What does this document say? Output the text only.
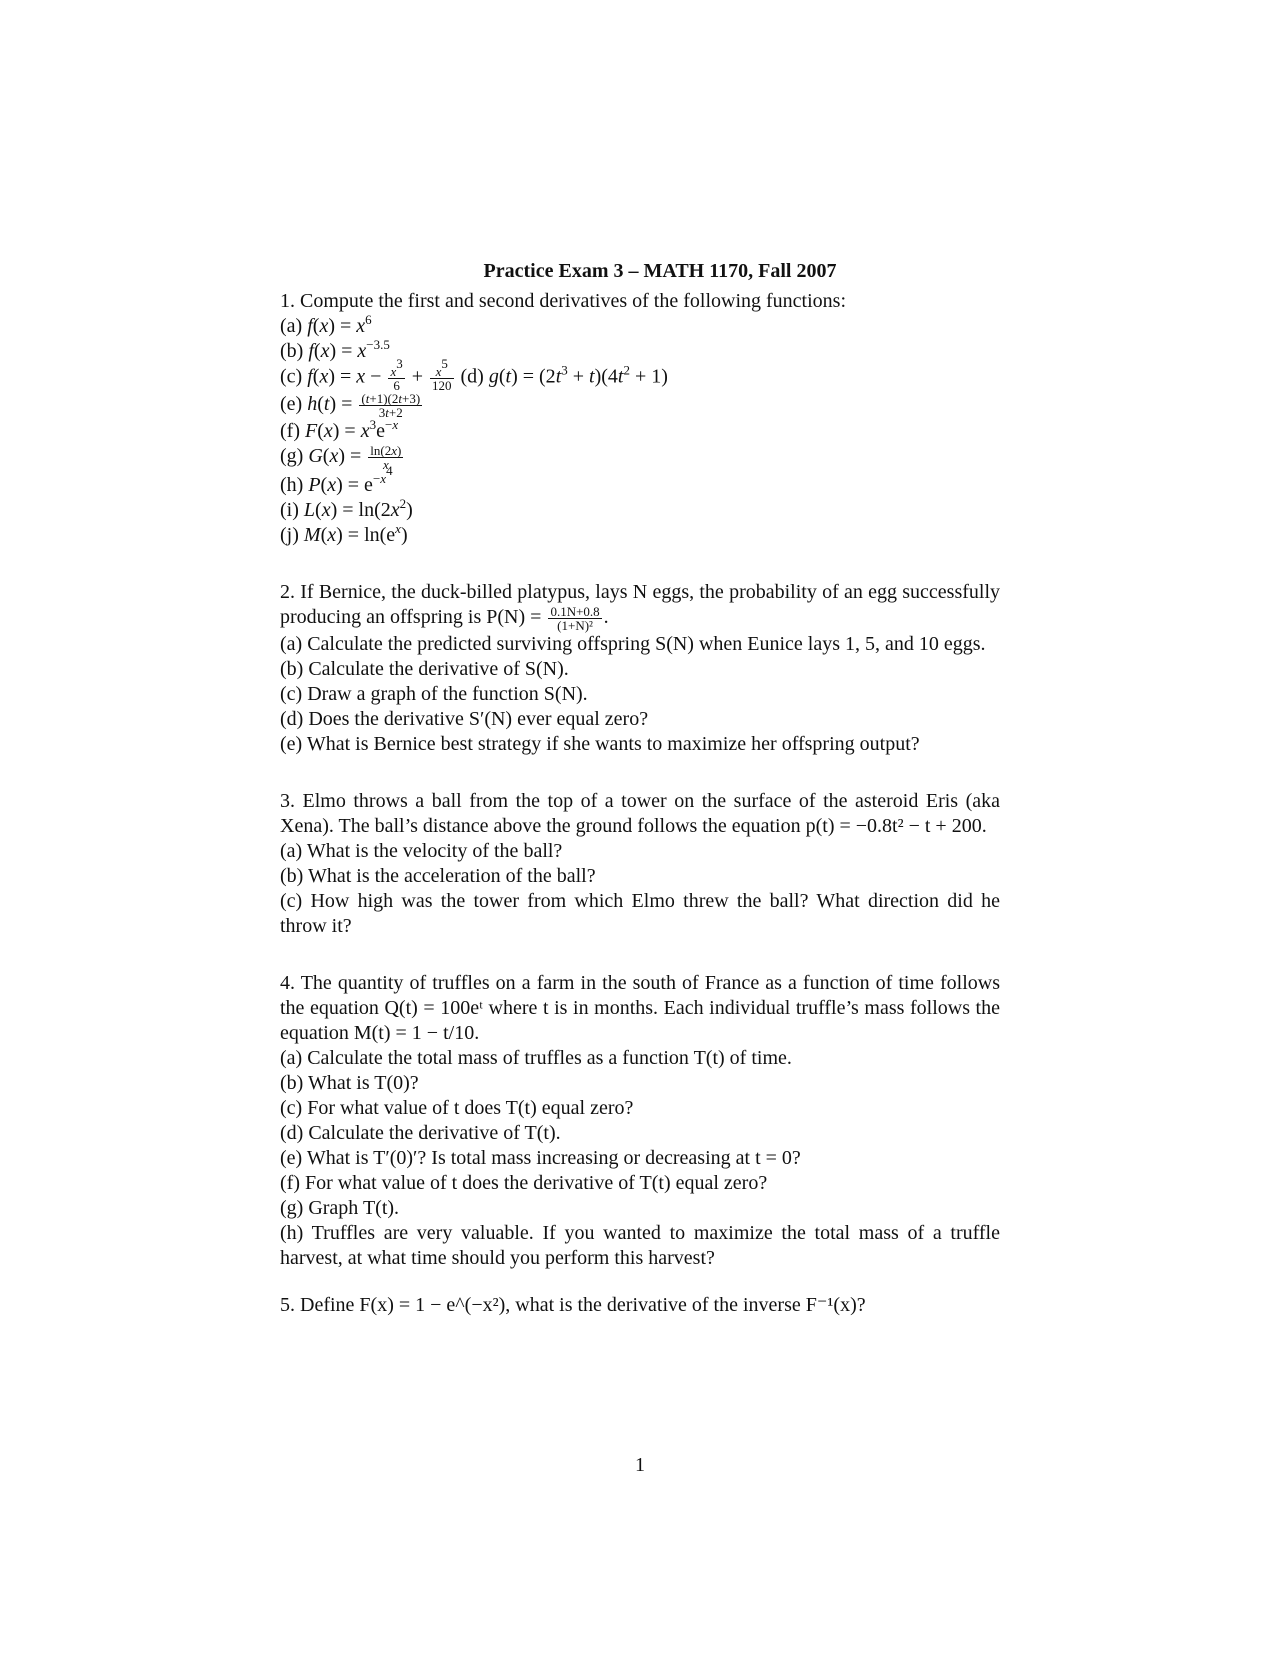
Practice Exam 3 – MATH 1170, Fall 2007

1. Compute the first and second derivatives of the following functions:

(a) $f(x) = x^6$

(b) $f(x) = x^{-3.5}$

(c) $f(x) = x - \frac{x^3}{6} + \frac{x^5}{120} (d) g(t) = (2t^3 + t)(4t^2 + 1)$

(e) $h(t) = \frac{(t+1)(2t+3)}{3t+2}$

(f) $F(x) = x^3e^{-x}$

(g) $G(x) = \frac{\ln(2x)}{x}$

(h) $P(x) = e^{-x^4}$

(i) $L(x) = \ln(2x^2)$

(j) $M(x) = \ln(e^x)$

2. If Bernice, the duck-billed platypus, lays N eggs, the probability of an egg successfully producing an offspring is $P(N) = \frac{0.1N+0.8}{\text{(1+N)²}}$ .

(a) Calculate the predicted surviving offspring S(N) when Eunice lays 1, 5, and 10 eggs.

(b) Calculate the derivative of S(N).

(c) Draw a graph of the function S(N).

(d) Does the derivative S′(N) ever equal zero?

(e) What is Bernice best strategy if she wants to maximize her offspring output?

3. Elmo throws a ball from the top of a tower on the surface of the asteroid Eris (aka Xena). The ball’s distance above the ground follows the equation p(t) = −0.8t² − t + 200.

(a) What is the velocity of the ball?

(b) What is the acceleration of the ball?

(c) How high was the tower from which Elmo threw the ball? What direction did he throw it?

4. The quantity of truffles on a farm in the south of France as a function of time follows the equation Q(t) = 100eᵗ where t is in months. Each individual truffle’s mass follows the equation M(t) = 1 − t/10.

(a) Calculate the total mass of truffles as a function T(t) of time.

(b) What is T(0)?

(c) For what value of t does T(t) equal zero?

(d) Calculate the derivative of T(t).

(e) What is T′(0)′? Is total mass increasing or decreasing at t = 0?

(f) For what value of t does the derivative of T(t) equal zero?

(g) Graph T(t).

(h) Truffles are very valuable. If you wanted to maximize the total mass of a truffle harvest, at what time should you perform this harvest?

5. Define F(x) = 1 − e^(−x²), what is the derivative of the inverse F⁻¹(x)?

1
